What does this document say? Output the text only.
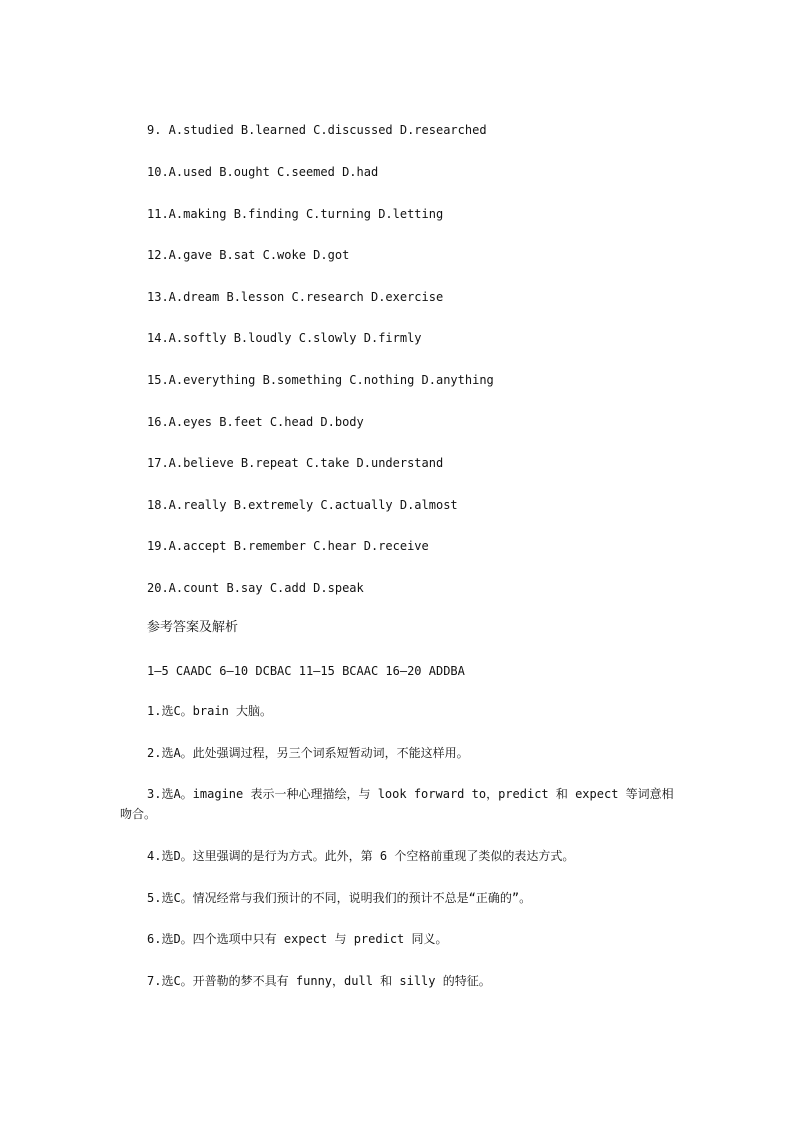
9. A.studied B.learned C.discussed D.researched
10.A.used B.ought C.seemed D.had
11.A.making B.finding C.turning D.letting
12.A.gave B.sat C.woke D.got
13.A.dream B.lesson C.research D.exercise
14.A.softly B.loudly C.slowly D.firmly
15.A.everything B.something C.nothing D.anything
16.A.eyes B.feet C.head D.body
17.A.believe B.repeat C.take D.understand
18.A.really B.extremely C.actually D.almost
19.A.accept B.remember C.hear D.receive
20.A.count B.say C.add D.speak
参考答案及解析
1—5 CAADC 6—10 DCBAC 11—15 BCAAC 16—20 ADDBA
1.选C。brain 大脑。
2.选A。此处强调过程，另三个词系短暂动词，不能这样用。
3.选A。imagine 表示一种心理描绘，与 look forward to，predict 和 expect 等词意相吻合。
4.选D。这里强调的是行为方式。此外，第 6 个空格前重现了类似的表达方式。
5.选C。情况经常与我们预计的不同，说明我们的预计不总是“正确的”。
6.选D。四个选项中只有 expect 与 predict 同义。
7.选C。开普勒的梦不具有 funny，dull 和 silly 的特征。
